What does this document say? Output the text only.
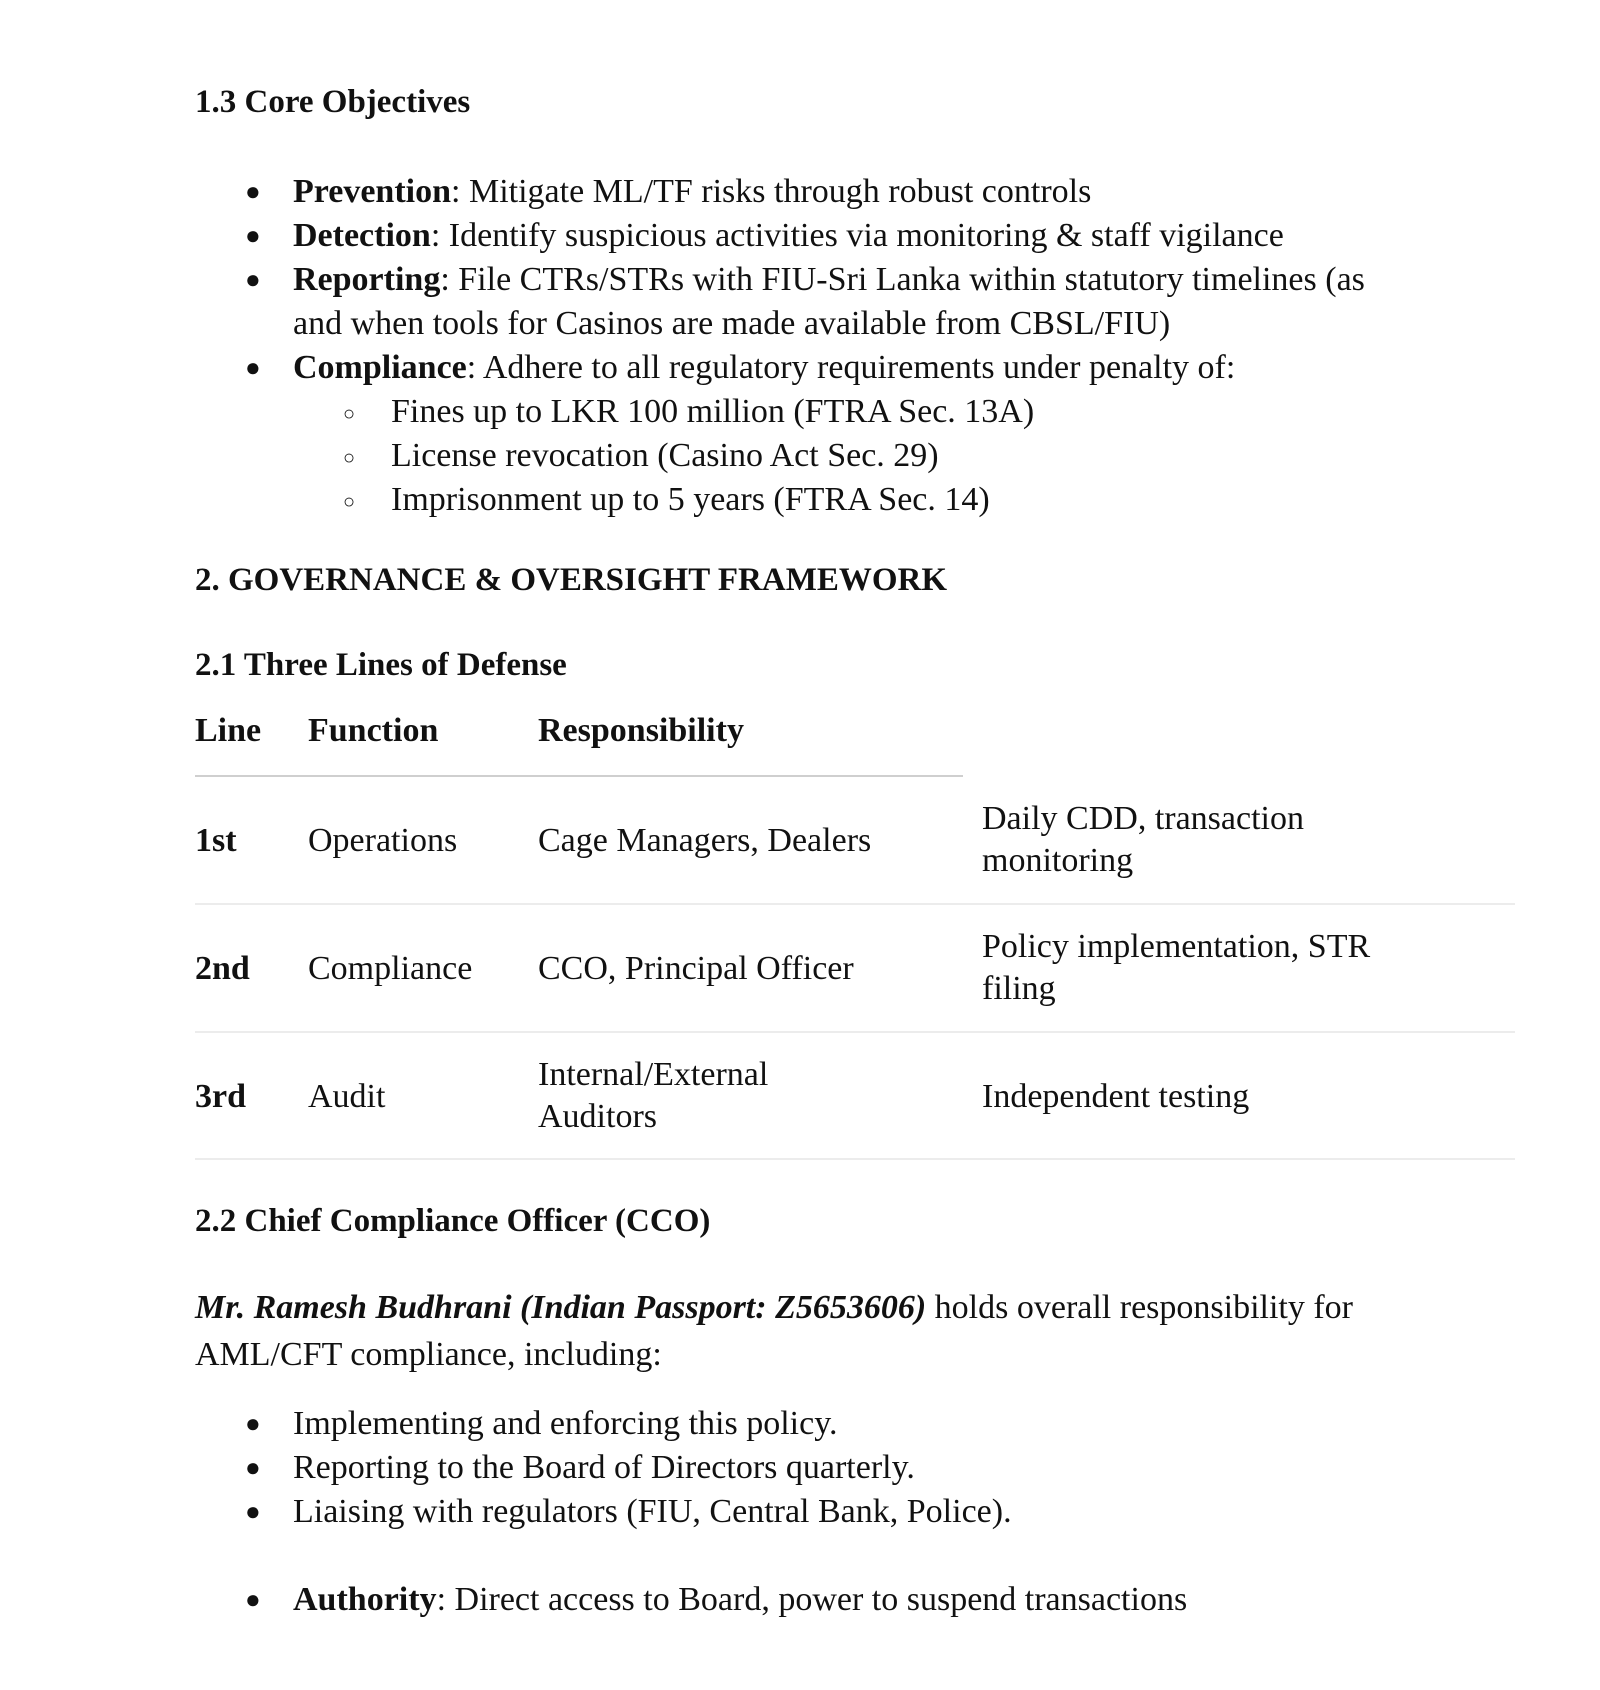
1.3 Core Objectives
● Prevention: Mitigate ML/TF risks through robust controls
● Detection: Identify suspicious activities via monitoring & staff vigilance
● Reporting: File CTRs/STRs with FIU-Sri Lanka within statutory timelines (as
and when tools for Casinos are made available from CBSL/FIU)
● Compliance: Adhere to all regulatory requirements under penalty of:
○ Fines up to LKR 100 million (FTRA Sec. 13A)
○ License revocation (Casino Act Sec. 29)
○ Imprisonment up to 5 years (FTRA Sec. 14)
2. GOVERNANCE & OVERSIGHT FRAMEWORK
2.1 Three Lines of Defense
Line Function	Responsibility
1st Operations Cage Managers, Dealers
Daily CDD, transaction
monitoring
2nd Compliance CCO, Principal Officer
Policy implementation, STR
filing
3rd Audit
Internal/External
Auditors
Independent testing
2.2 Chief Compliance Officer (CCO)
Mr. Ramesh Budhrani (Indian Passport: Z5653606) holds overall responsibility for
AML/CFT compliance, including:
● Implementing and enforcing this policy.
● Reporting to the Board of Directors quarterly.
● Liaising with regulators (FIU, Central Bank, Police).
● Authority: Direct access to Board, power to suspend transactions
